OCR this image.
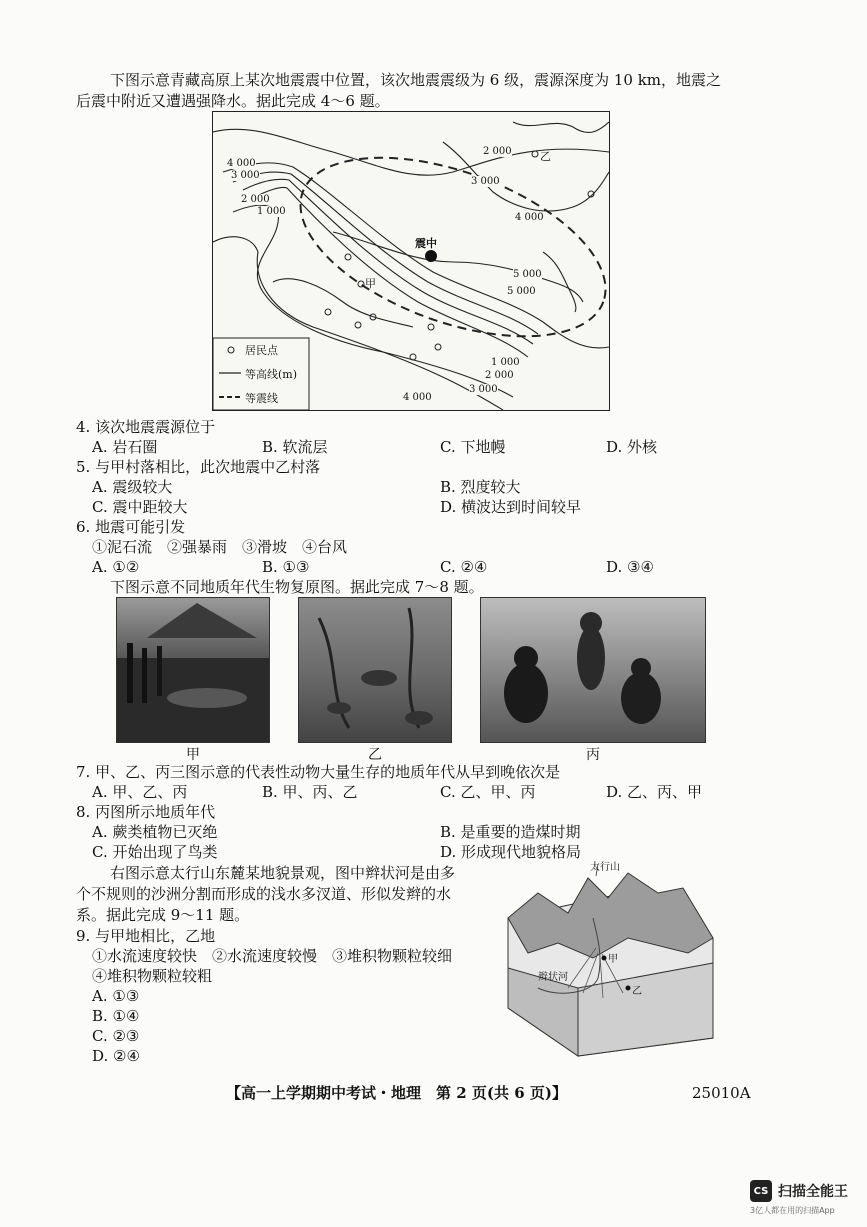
下图示意青藏高原上某次地震震中位置，该次地震震级为 6 级，震源深度为 10 km，地震之
后震中附近又遭遇强降水。据此完成 4～6 题。
4 000
3 000
2 000
1 000
2 000
3 000
4 000
5 000
5 000
1 000
2 000
3 000
4 000
震中
甲
乙
居民点
等高线(m)
等震线
4. 该次地震震源位于
A. 岩石圈	B. 软流层	C. 下地幔	D. 外核
5. 与甲村落相比，此次地震中乙村落
A. 震级较大	B. 烈度较大
C. 震中距较大	D. 横波达到时间较早
6. 地震可能引发
①泥石流　②强暴雨　③滑坡　④台风
A. ①②	B. ①③	C. ②④	D. ③④
下图示意不同地质年代生物复原图。据此完成 7～8 题。
甲	乙	丙
7. 甲、乙、丙三图示意的代表性动物大量生存的地质年代从早到晚依次是
A. 甲、乙、丙	B. 甲、丙、乙	C. 乙、甲、丙	D. 乙、丙、甲
8. 丙图所示地质年代
A. 蕨类植物已灭绝	B. 是重要的造煤时期
C. 开始出现了鸟类	D. 形成现代地貌格局
右图示意太行山东麓某地貌景观，图中辫状河是由多
个不规则的沙洲分割而形成的浅水多汊道、形似发辫的水
系。据此完成 9～11 题。
太行山
辫状河
甲
乙
9. 与甲地相比，乙地
①水流速度较快　②水流速度较慢　③堆积物颗粒较细
④堆积物颗粒较粗
A. ①③
B. ①④
C. ②③
D. ②④
【高一上学期期中考试・地理　第 2 页(共 6 页)】	25010A
CS 扫描全能王
3亿人都在用的扫描App
